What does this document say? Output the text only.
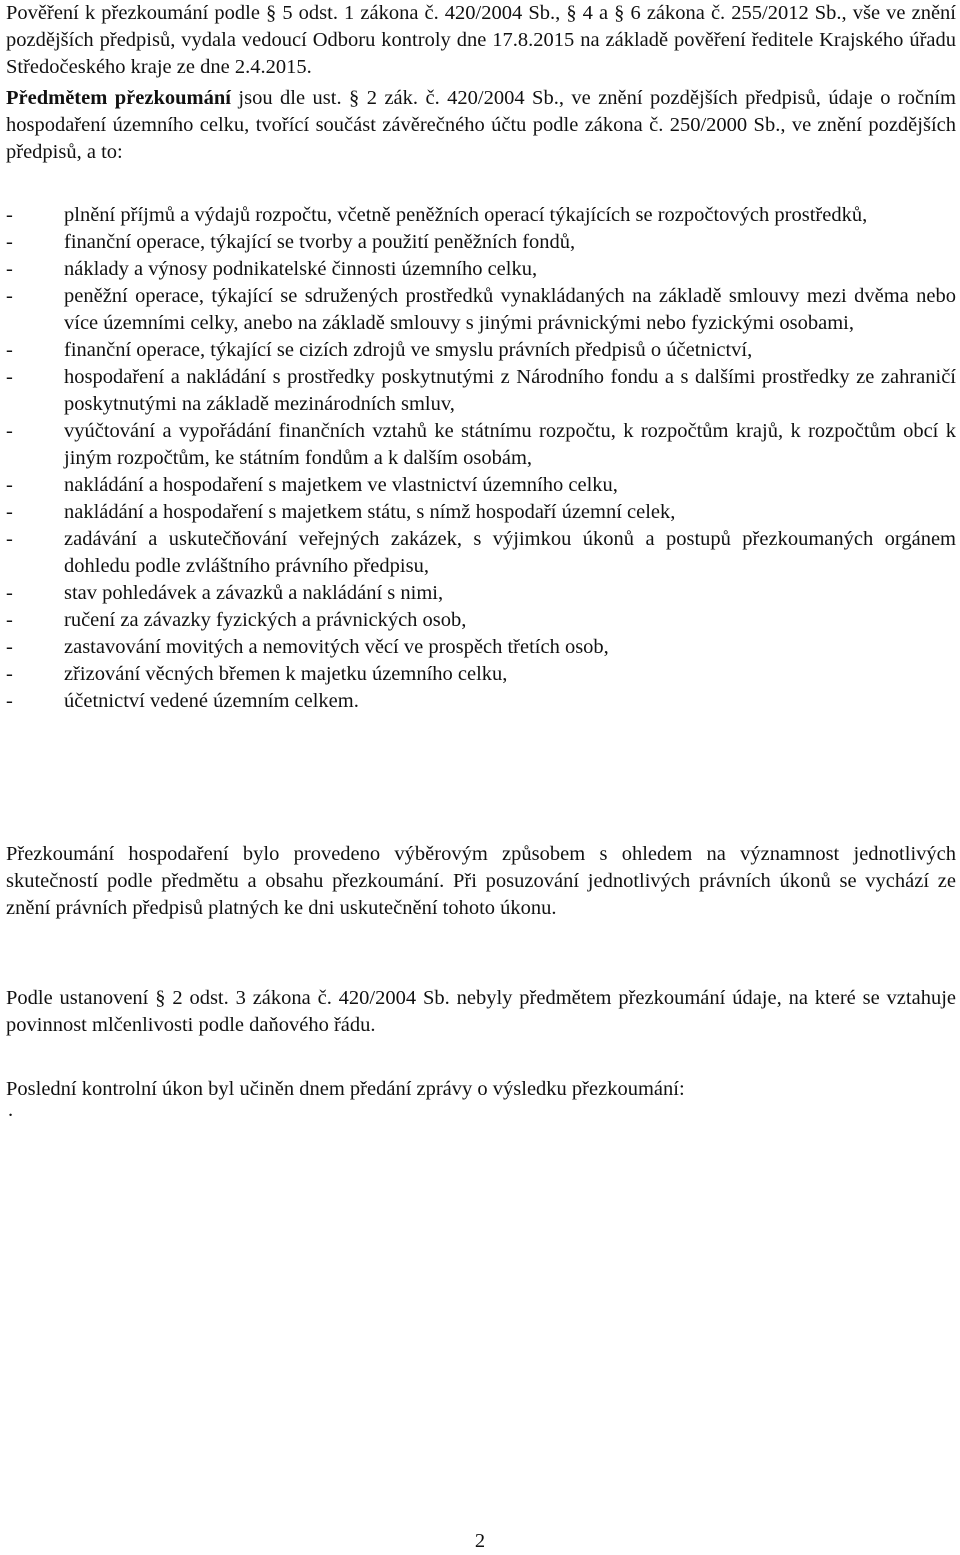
Pověření k přezkoumání podle § 5 odst. 1 zákona č. 420/2004 Sb., § 4 a § 6 zákona č. 255/2012 Sb., vše ve znění pozdějších předpisů, vydala vedoucí Odboru kontroly dne 17.8.2015 na základě pověření ředitele Krajského úřadu Středočeského kraje ze dne 2.4.2015.

Předmětem přezkoumání jsou dle ust. § 2 zák. č. 420/2004 Sb., ve znění pozdějších předpisů, údaje o ročním hospodaření územního celku, tvořící součást závěrečného účtu podle zákona č. 250/2000 Sb., ve znění pozdějších předpisů, a to:

- plnění příjmů a výdajů rozpočtu, včetně peněžních operací týkajících se rozpočtových prostředků,
- finanční operace, týkající se tvorby a použití peněžních fondů,
- náklady a výnosy podnikatelské činnosti územního celku,
- peněžní operace, týkající se sdružených prostředků vynakládaných na základě smlouvy mezi dvěma nebo více územními celky, anebo na základě smlouvy s jinými právnickými nebo fyzickými osobami,
- finanční operace, týkající se cizích zdrojů ve smyslu právních předpisů o účetnictví,
- hospodaření a nakládání s prostředky poskytnutými z Národního fondu a s dalšími prostředky ze zahraničí poskytnutými na základě mezinárodních smluv,
- vyúčtování a vypořádání finančních vztahů ke státnímu rozpočtu, k rozpočtům krajů, k rozpočtům obcí k jiným rozpočtům, ke státním fondům a k dalším osobám,
- nakládání a hospodaření s majetkem ve vlastnictví územního celku,
- nakládání a hospodaření s majetkem státu, s nímž hospodaří územní celek,
- zadávání a uskutečňování veřejných zakázek, s výjimkou úkonů a postupů přezkoumaných orgánem dohledu podle zvláštního právního předpisu,
- stav pohledávek a závazků a nakládání s nimi,
- ručení za závazky fyzických a právnických osob,
- zastavování movitých a nemovitých věcí ve prospěch třetích osob,
- zřizování věcných břemen k majetku územního celku,
- účetnictví vedené územním celkem.

Přezkoumání hospodaření bylo provedeno výběrovým způsobem s ohledem na významnost jednotlivých skutečností podle předmětu a obsahu přezkoumání. Při posuzování jednotlivých právních úkonů se vychází ze znění právních předpisů platných ke dni uskutečnění tohoto úkonu.

Podle ustanovení § 2 odst. 3 zákona č. 420/2004 Sb. nebyly předmětem přezkoumání údaje, na které se vztahuje povinnost mlčenlivosti podle daňového řádu.

Poslední kontrolní úkon byl učiněn dnem předání zprávy o výsledku přezkoumání:

.
2
